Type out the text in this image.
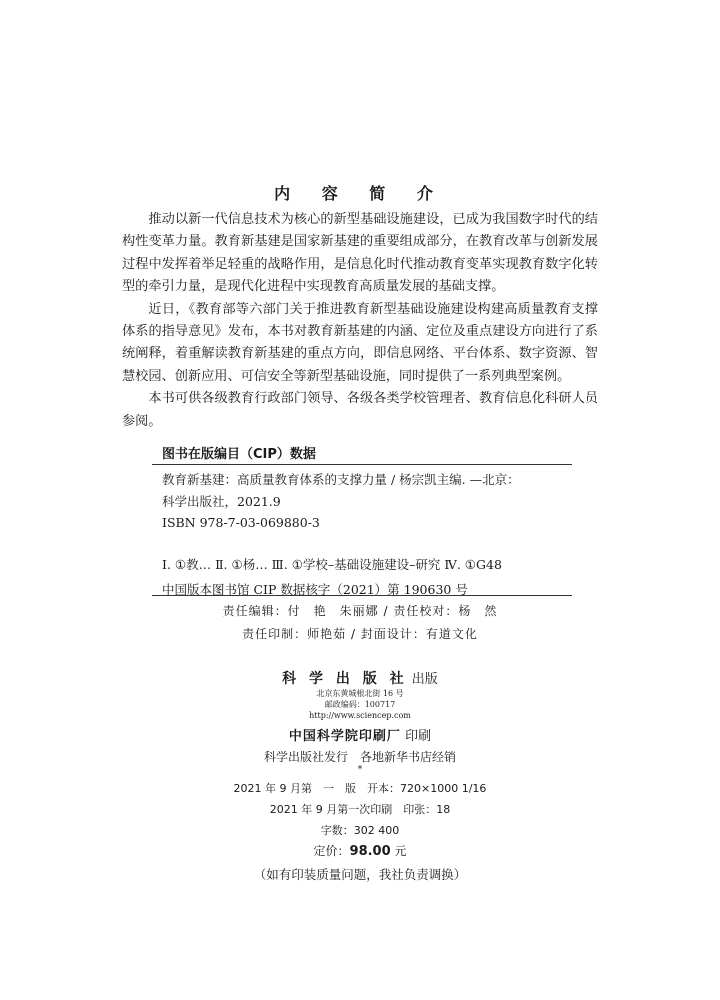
内 容 简 介

推动以新一代信息技术为核心的新型基础设施建设，已成为我国数字时代的结构性变革力量。教育新基建是国家新基建的重要组成部分，在教育改革与创新发展过程中发挥着举足轻重的战略作用，是信息化时代推动教育变革实现教育数字化转型的牵引力量，是现代化进程中实现教育高质量发展的基础支撑。

近日，《教育部等六部门关于推进教育新型基础设施建设构建高质量教育支撑体系的指导意见》发布，本书对教育新基建的内涵、定位及重点建设方向进行了系统阐释，着重解读教育新基建的重点方向，即信息网络、平台体系、数字资源、智慧校园、创新应用、可信安全等新型基础设施，同时提供了一系列典型案例。

本书可供各级教育行政部门领导、各级各类学校管理者、教育信息化科研人员参阅。

图书在版编目（CIP）数据
教育新基建：高质量教育体系的支撑力量 / 杨宗凯主编. —北京：
科学出版社，2021.9
ISBN 978-7-03-069880-3
Ⅰ. ①教… Ⅱ. ①杨… Ⅲ. ①学校–基础设施建设–研究 Ⅳ. ①G48
中国版本图书馆 CIP 数据核字（2021）第 190630 号
责任编辑：付　艳　朱丽娜 / 责任校对：杨　然
责任印制：师艳茹 / 封面设计：有道文化
科 学 出 版 社 出版
北京东黄城根北街 16 号
邮政编码：100717
http://www.sciencep.com
中国科学院印刷厂 印刷
科学出版社发行　各地新华书店经销
*
2021 年 9 月第　一　版　开本：720×1000 1/16
2021 年 9 月第一次印刷　印张：18
字数：302 400
定价：98.00 元
（如有印装质量问题，我社负责调换）
